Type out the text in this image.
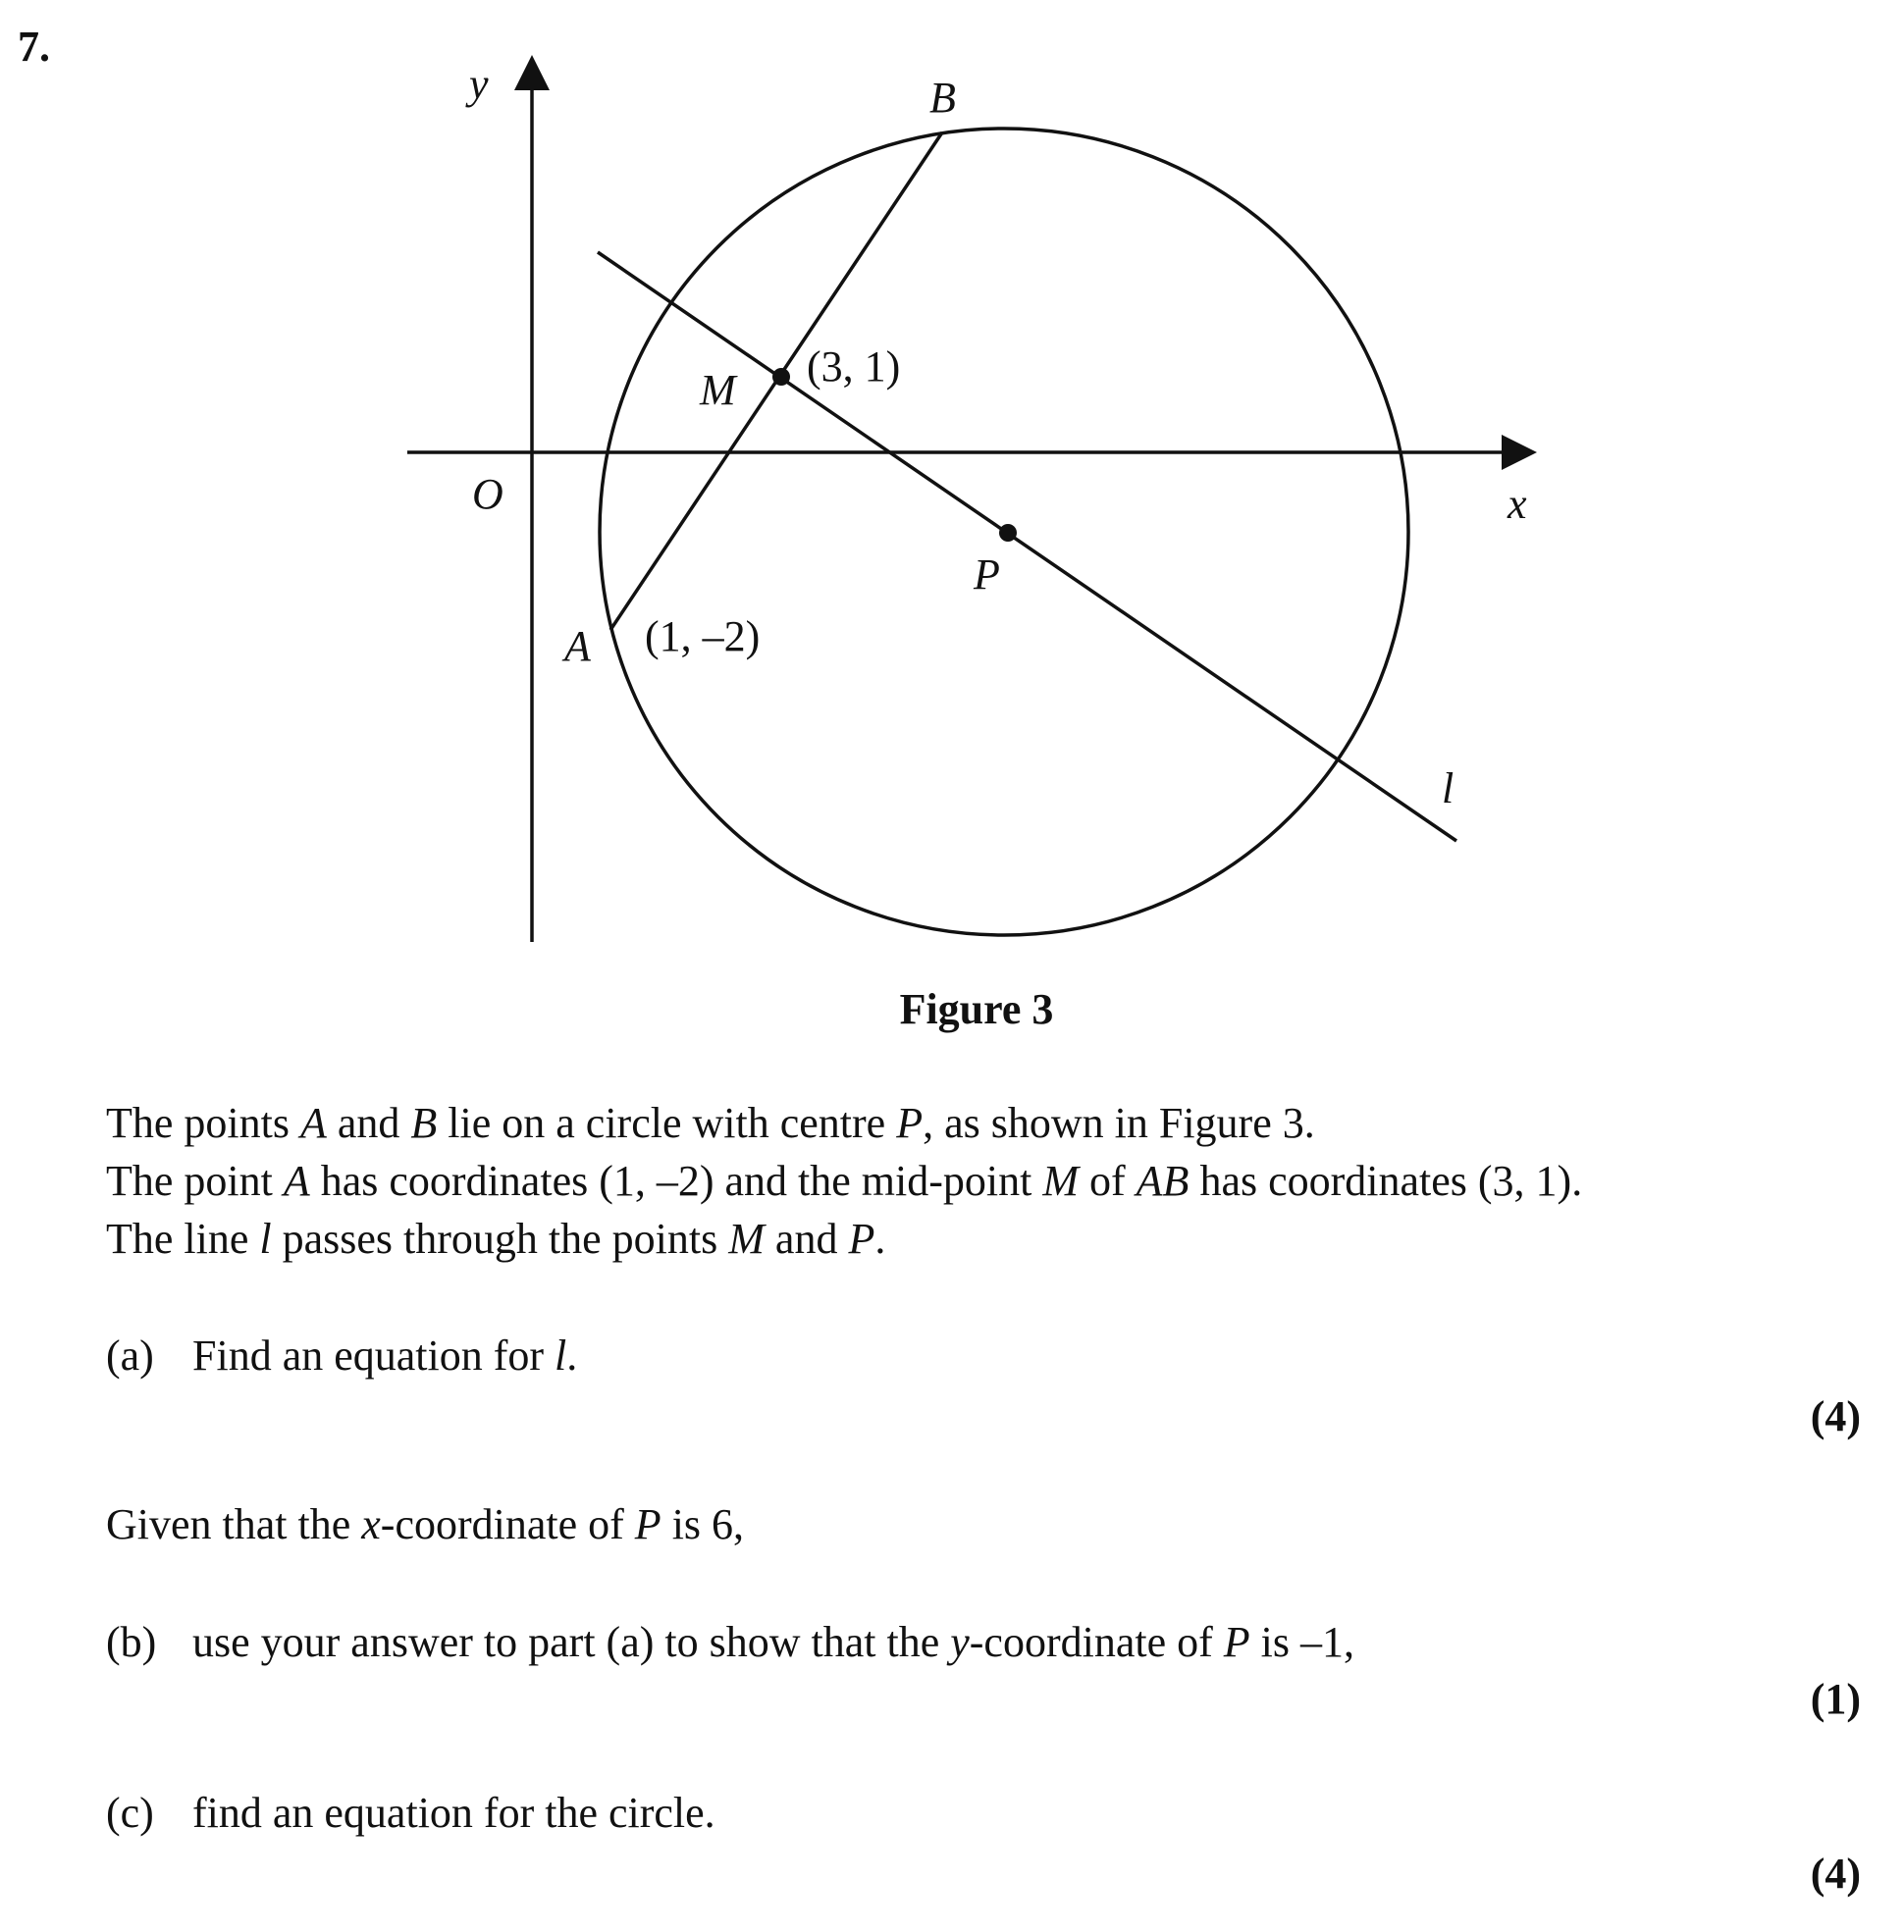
7.
y
x
O
B
M (3, 1)
P
A (1, –2)
l
Figure 3

The points A and B lie on a circle with centre P, as shown in Figure 3.

The point A has coordinates (1, –2) and the mid-point M of AB has coordinates (3, 1).

The line l passes through the points M and P.

(a) Find an equation for l.
(4)
Given that the x-coordinate of P is 6,
(b) use your answer to part (a) to show that the y-coordinate of P is –1,
(1)
(c) find an equation for the circle.
(4)
